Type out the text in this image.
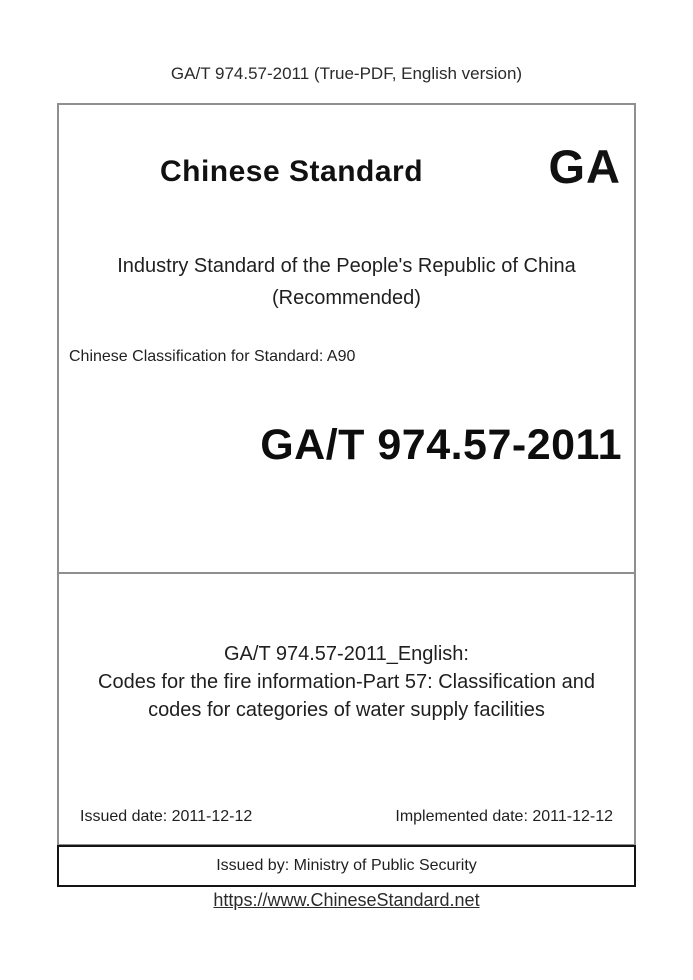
GA/T 974.57-2011 (True-PDF, English version)
Chinese Standard	GA
Industry Standard of the People's Republic of China
(Recommended)
Chinese Classification for Standard: A90
GA/T 974.57-2011
GA/T 974.57-2011_English:
Codes for the fire information-Part 57: Classification and
codes for categories of water supply facilities
Issued date: 2011-12-12	Implemented date: 2011-12-12
Issued by: Ministry of Public Security
https://www.ChineseStandard.net
